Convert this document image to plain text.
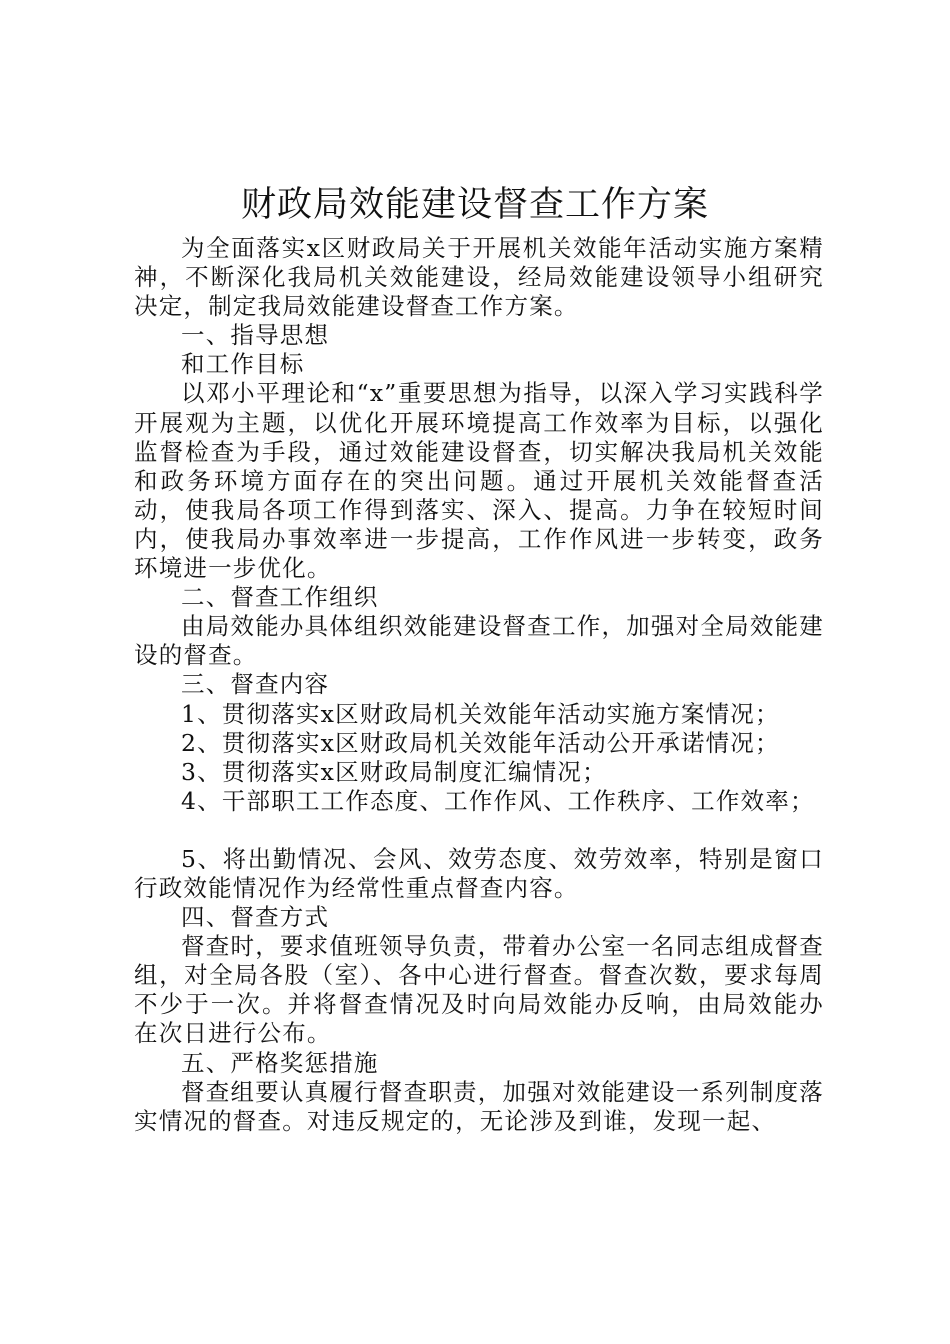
财政局效能建设督查工作方案

为全面落实x区财政局关于开展机关效能年活动实施方案精神，不断深化我局机关效能建设，经局效能建设领导小组研究决定，制定我局效能建设督查工作方案。

一、指导思想

和工作目标

以邓小平理论和“x”重要思想为指导，以深入学习实践科学开展观为主题，以优化开展环境提高工作效率为目标，以强化监督检查为手段，通过效能建设督查，切实解决我局机关效能和政务环境方面存在的突出问题。通过开展机关效能督查活动，使我局各项工作得到落实、深入、提高。力争在较短时间内，使我局办事效率进一步提高，工作作风进一步转变，政务环境进一步优化。

二、督查工作组织

由局效能办具体组织效能建设督查工作，加强对全局效能建设的督查。

三、督查内容

1、贯彻落实x区财政局机关效能年活动实施方案情况；

2、贯彻落实x区财政局机关效能年活动公开承诺情况；

3、贯彻落实x区财政局制度汇编情况；

4、干部职工工作态度、工作作风、工作秩序、工作效率；

5、将出勤情况、会风、效劳态度、效劳效率，特别是窗口行政效能情况作为经常性重点督查内容。

四、督查方式

督查时，要求值班领导负责，带着办公室一名同志组成督查组，对全局各股（室）、各中心进行督查。督查次数，要求每周不少于一次。并将督查情况及时向局效能办反响，由局效能办在次日进行公布。

五、严格奖惩措施

督查组要认真履行督查职责，加强对效能建设一系列制度落实情况的督查。对违反规定的，无论涉及到谁，发现一起、
